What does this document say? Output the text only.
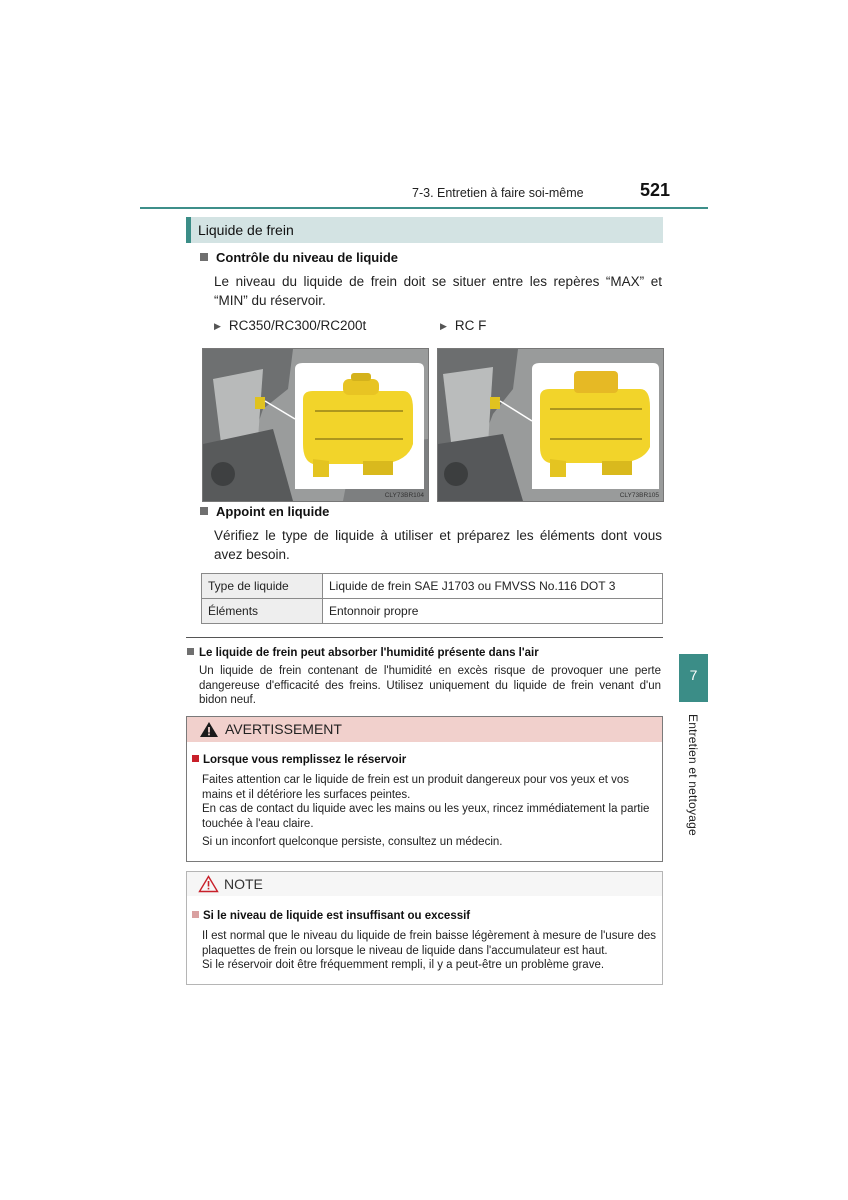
7-3. Entretien à faire soi-même	521
Liquide de frein
Contrôle du niveau de liquide
Le niveau du liquide de frein doit se situer entre les repères “MAX” et “MIN” du réservoir.
▶ RC350/RC300/RC200t	▶ RC F
CLY73BR104	CLY73BR105
Appoint en liquide
Vérifiez le type de liquide à utiliser et préparez les éléments dont vous avez besoin.
Type de liquide	Liquide de frein SAE J1703 ou FMVSS No.116 DOT 3
Éléments	Entonnoir propre
Le liquide de frein peut absorber l'humidité présente dans l'air
Un liquide de frein contenant de l'humidité en excès risque de provoquer une perte dangereuse d'efficacité des freins. Utilisez uniquement du liquide de frein venant d'un bidon neuf.
AVERTISSEMENT
Lorsque vous remplissez le réservoir
Faites attention car le liquide de frein est un produit dangereux pour vos yeux et vos mains et il détériore les surfaces peintes.
En cas de contact du liquide avec les mains ou les yeux, rincez immédiatement la partie touchée à l'eau claire.
Si un inconfort quelconque persiste, consultez un médecin.
NOTE
Si le niveau de liquide est insuffisant ou excessif
Il est normal que le niveau du liquide de frein baisse légèrement à mesure de l'usure des plaquettes de frein ou lorsque le niveau de liquide dans l'accumulateur est haut.
Si le réservoir doit être fréquemment rempli, il y a peut-être un problème grave.
7
Entretien et nettoyage
